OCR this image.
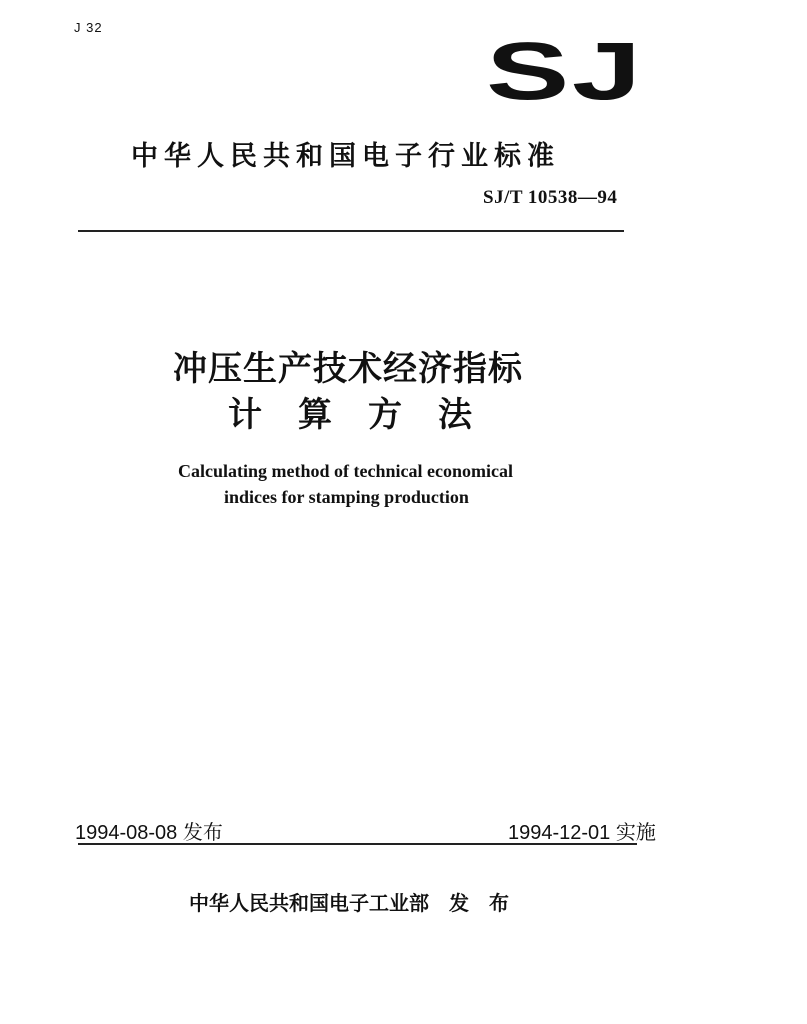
J 32	SJ
中华人民共和国电子行业标准
SJ/T 10538—94
冲压生产技术经济指标
计算方法
Calculating method of technical economical
indices for stamping production
1994-08-08 发布	1994-12-01 实施
中华人民共和国电子工业部　发　布
